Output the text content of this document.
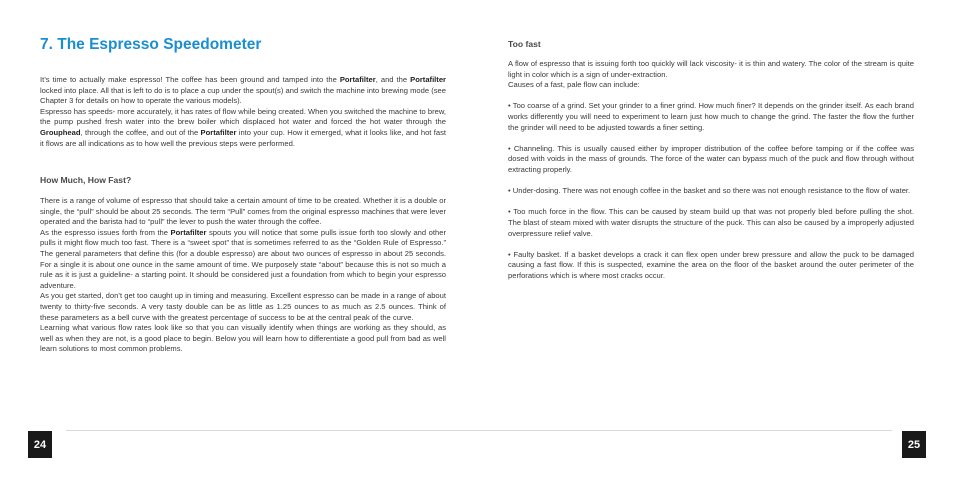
7. The Espresso Speedometer

It’s time to actually make espresso! The coffee has been ground and tamped into the Portafilter, and the Portafilter locked into place. All that is left to do is to place a cup under the spout(s) and switch the machine into brewing mode (see Chapter 3 for details on how to operate the various models).

Espresso has speeds- more accurately, it has rates of flow while being created. When you switched the machine to brew, the pump pushed fresh water into the brew boiler which displaced hot water and forced the hot water through the Grouphead, through the coffee, and out of the Portafilter into your cup. How it emerged, what it looks like, and hot fast it flows are all indications as to how well the previous steps were performed.

How Much, How Fast?

There is a range of volume of espresso that should take a certain amount of time to be created. Whether it is a double or single, the “pull” should be about 25 seconds. The term “Pull” comes from the original espresso machines that were lever operated and the barista had to “pull” the lever to push the water through the coffee.

As the espresso issues forth from the Portafilter spouts you will notice that some pulls issue forth too slowly and other pulls it might flow much too fast. There is a “sweet spot” that is sometimes referred to as the “Golden Rule of Espresso.” The general parameters that define this (for a double espresso) are about two ounces of espresso in about 25 seconds. For a single it is about one ounce in the same amount of time. We purposely state “about” because this is not so much a rule as it is just a guideline- a starting point. It should be considered just a foundation from which to begin your espresso adventure.

As you get started, don’t get too caught up in timing and measuring. Excellent espresso can be made in a range of about twenty to thirty-five seconds. A very tasty double can be as little as 1.25 ounces to as much as 2.5 ounces. Think of these parameters as a bell curve with the greatest percentage of success to be at the central peak of the curve.

Learning what various flow rates look like so that you can visually identify when things are working as they should, as well as when they are not, is a good place to begin. Below you will learn how to differentiate a good pull from bad as well learn solutions to most common problems.

Too fast

A flow of espresso that is issuing forth too quickly will lack viscosity- it is thin and watery. The color of the stream is quite light in color which is a sign of under-extraction.

Causes of a fast, pale flow can include:

• Too coarse of a grind. Set your grinder to a finer grind. How much finer? It depends on the grinder itself. As each brand works differently you will need to experiment to learn just how much to change the grind. The faster the flow the further the grinder will need to be adjusted towards a finer setting.

• Channeling. This is usually caused either by improper distribution of the coffee before tamping or if the coffee was dosed with voids in the mass of grounds. The force of the water can bypass much of the puck and flow through without extracting properly.

• Under-dosing. There was not enough coffee in the basket and so there was not enough resistance to the flow of water.

• Too much force in the flow. This can be caused by steam build up that was not properly bled before pulling the shot. The blast of steam mixed with water disrupts the structure of the puck. This can also be caused by a improperly adjusted overpressure relief valve.

• Faulty basket. If a basket develops a crack it can flex open under brew pressure and allow the puck to be damaged causing a fast flow. If this is suspected, examine the area on the floor of the basket around the outer perimeter of the perforations which is where most cracks occur.

24	25
